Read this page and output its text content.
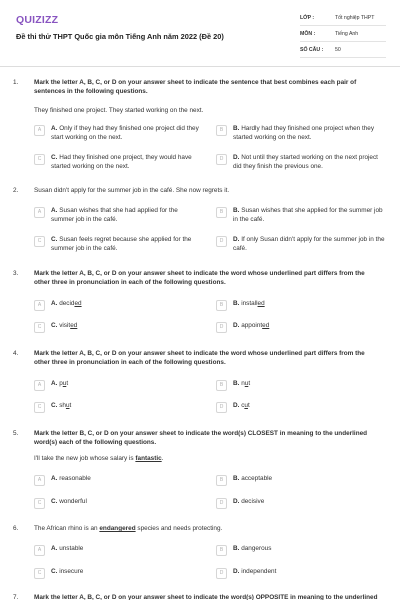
QUIZIZZ
Đề thi thử THPT Quốc gia môn Tiếng Anh năm 2022 (Đề 20)
LỚP :	Tốt nghiệp THPT
MÔN :	Tiếng Anh
SỐ CÂU :	50
1. Mark the letter A, B, C, or D on your answer sheet to indicate the sentence that best combines each pair of sentences in the following questions.
They finished one project. They started working on the next.
A	A. Only if they had they finished one project did they start working on the next.
B	B. Hardly had they finished one project when they started working on the next.
C	C. Had they finished one project, they would have started working on the next.
D	D. Not until they started working on the next project did they finish the previous one.
2. Susan didn't apply for the summer job in the café. She now regrets it.
A	A. Susan wishes that she had applied for the summer job in the café.
B	B. Susan wishes that she applied for the summer job in the café.
C	C. Susan feels regret because she applied for the summer job in the café.
D	D. If only Susan didn't apply for the summer job in the café.
3. Mark the letter A, B, C, or D on your answer sheet to indicate the word whose underlined part differs from the other three in pronunciation in each of the following questions.
A	A. decided	B	B. installed
C	C. visited	D	D. appointed
4. Mark the letter A, B, C, or D on your answer sheet to indicate the word whose underlined part differs from the other three in pronunciation in each of the following questions.
A	A. put	B	B. nut
C	C. shut	D	D. cut
5. Mark the letter B, C, or D on your answer sheet to indicate the word(s) CLOSEST in meaning to the underlined word(s) each of the following questions.
I'll take the new job whose salary is fantastic.
A	A. reasonable	B	B. acceptable
C	C. wonderful	D	D. decisive
6. The African rhino is an endangered species and needs protecting.
A	A. unstable	B	B. dangerous
C	C. insecure	D	D. independent
7. Mark the letter A, B, C, or D on your answer sheet to indicate the word(s) OPPOSITE in meaning to the underlined
